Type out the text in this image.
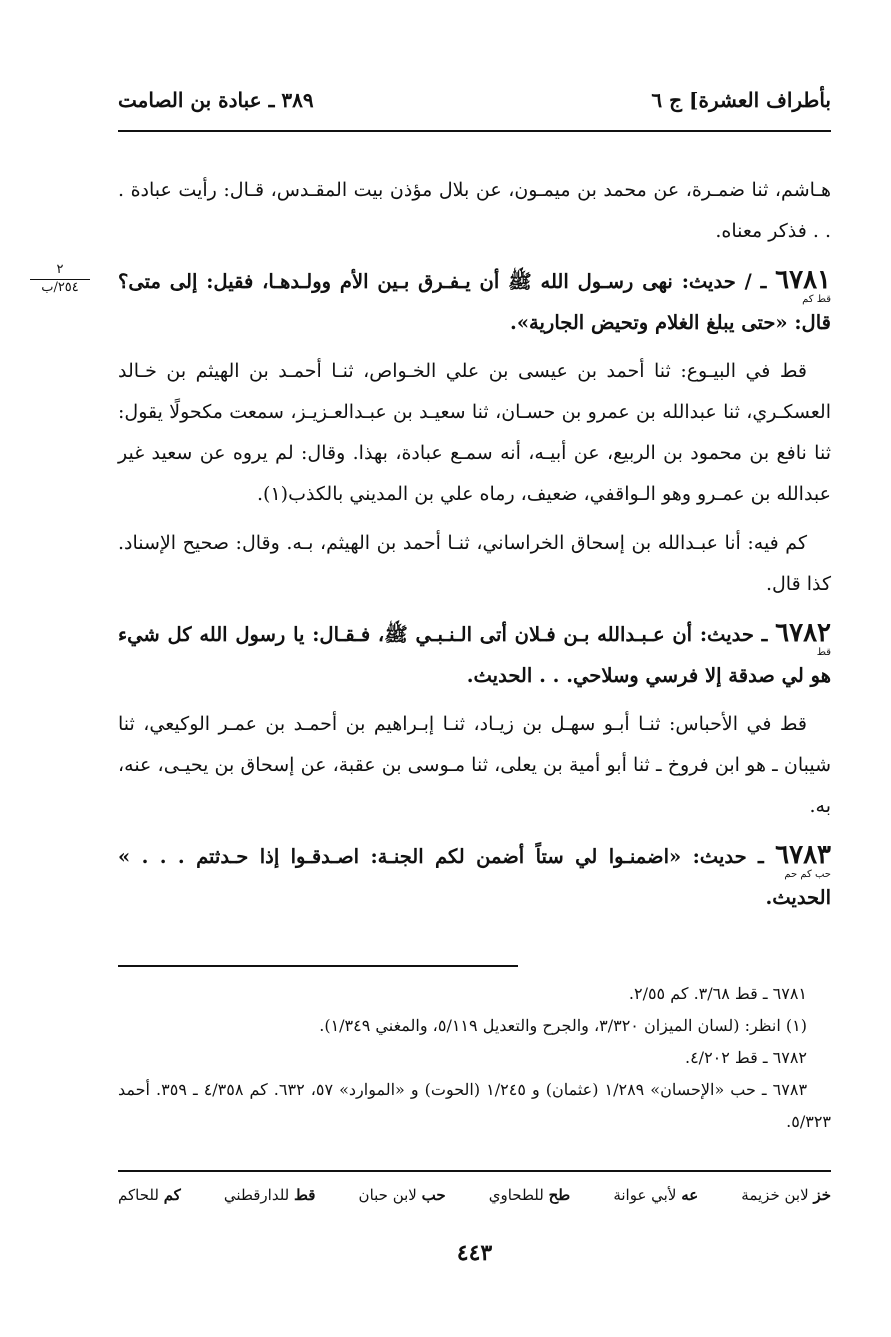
بأطراف العشرة] ج ٦
٣٨٩ ـ عبادة بن الصامت

هـاشم، ثنا ضمـرة، عن محمد بن ميمـون، عن بلال مؤذن بيت المقـدس، قـال: رأيت عبادة . . . فذكر معناه.

٦٧٨١ ـ / حديث: نهى رسـول الله ﷺ أن يـفـرق بـين الأم وولـدهـا، فقيل: إلى متى؟ قال: «حتى يبلغ الغلام وتحيض الجارية».
قط كم

قط في البيـوع: ثنا أحمد بن عيسى بن علي الخـواص، ثنـا أحمـد بن الهيثم بن خـالد العسكـري، ثنا عبدالله بن عمرو بن حسـان، ثنا سعيـد بن عبـدالعـزيـز، سمعت مكحولًا يقول: ثنا نافع بن محمود بن الربيع، عن أبيـه، أنه سمـع عبادة، بهذا. وقال: لم يروه عن سعيد غير عبدالله بن عمـرو وهو الـواقفي، ضعيف، رماه علي بن المديني بالكذب(١).

كم فيه: أنا عبـدالله بن إسحاق الخراساني، ثنـا أحمد بن الهيثم، بـه. وقال: صحيح الإسناد. كذا قال.

٦٧٨٢ ـ حديث: أن عـبـدالله بـن فـلان أتى الـنـبـي ﷺ، فـقـال: يا رسول الله كل شيء هو لي صدقة إلا فرسي وسلاحي. . . الحديث.
قط

قط في الأحباس: ثنـا أبـو سهـل بن زيـاد، ثنـا إبـراهيم بن أحمـد بن عمـر الوكيعي، ثنا شيبان ـ هو ابن فروخ ـ ثنا أبو أمية بن يعلى، ثنا مـوسى بن عقبة، عن إسحاق بن يحيـى، عنه، به.

٦٧٨٣ ـ حديث: «اضمنـوا لي ستاً أضمن لكم الجنـة: اصـدقـوا إذا حـدثتم . . . » الحديث.
حب كم حم

٦٧٨١ ـ قط ٣/٦٨. كم ٢/٥٥.

(١) انظر: (لسان الميزان ٣/٣٢٠، والجرح والتعديل ٥/١١٩، والمغني ١/٣٤٩).

٦٧٨٢ ـ قط ٤/٢٠٢.

٦٧٨٣ ـ حب «الإحسان» ١/٢٨٩ (عثمان) و ١/٢٤٥ (الحوت) و «الموارد» ٥٧، ٦٣٢. كم ٤/٣٥٨ ـ ٣٥٩. أحمد ٥/٣٢٣.

خز لابن خزيمة
عه لأبي عوانة
طح للطحاوي
حب لابن حبان
قط للدارقطني
كم للحاكم
٤٤٣
٢
٢٥٤/ب
